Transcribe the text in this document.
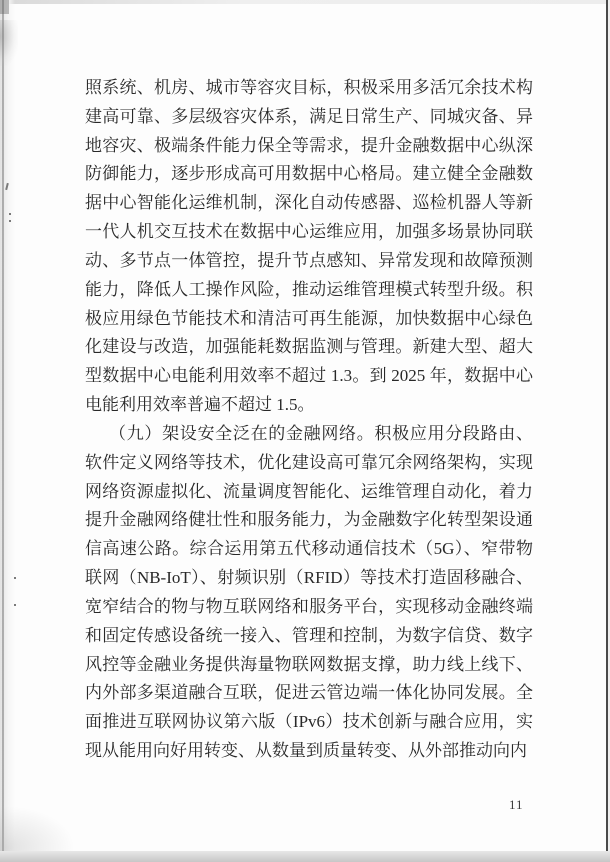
照系统、机房、城市等容灾目标，积极采用多活冗余技术构
建高可靠、多层级容灾体系，满足日常生产、同城灾备、异
地容灾、极端条件能力保全等需求，提升金融数据中心纵深
防御能力，逐步形成高可用数据中心格局。建立健全金融数
据中心智能化运维机制，深化自动传感器、巡检机器人等新
一代人机交互技术在数据中心运维应用，加强多场景协同联
动、多节点一体管控，提升节点感知、异常发现和故障预测
能力，降低人工操作风险，推动运维管理模式转型升级。积
极应用绿色节能技术和清洁可再生能源，加快数据中心绿色
化建设与改造，加强能耗数据监测与管理。新建大型、超大
型数据中心电能利用效率不超过 1.3。到 2025 年，数据中心
电能利用效率普遍不超过 1.5。
（九）架设安全泛在的金融网络。积极应用分段路由、
软件定义网络等技术，优化建设高可靠冗余网络架构，实现
网络资源虚拟化、流量调度智能化、运维管理自动化，着力
提升金融网络健壮性和服务能力，为金融数字化转型架设通
信高速公路。综合运用第五代移动通信技术（5G）、窄带物
联网（NB-IoT）、射频识别（RFID）等技术打造固移融合、
宽窄结合的物与物互联网络和服务平台，实现移动金融终端
和固定传感设备统一接入、管理和控制，为数字信贷、数字
风控等金融业务提供海量物联网数据支撑，助力线上线下、
内外部多渠道融合互联，促进云管边端一体化协同发展。全
面推进互联网协议第六版（IPv6）技术创新与融合应用，实
现从能用向好用转变、从数量到质量转变、从外部推动向内
11
